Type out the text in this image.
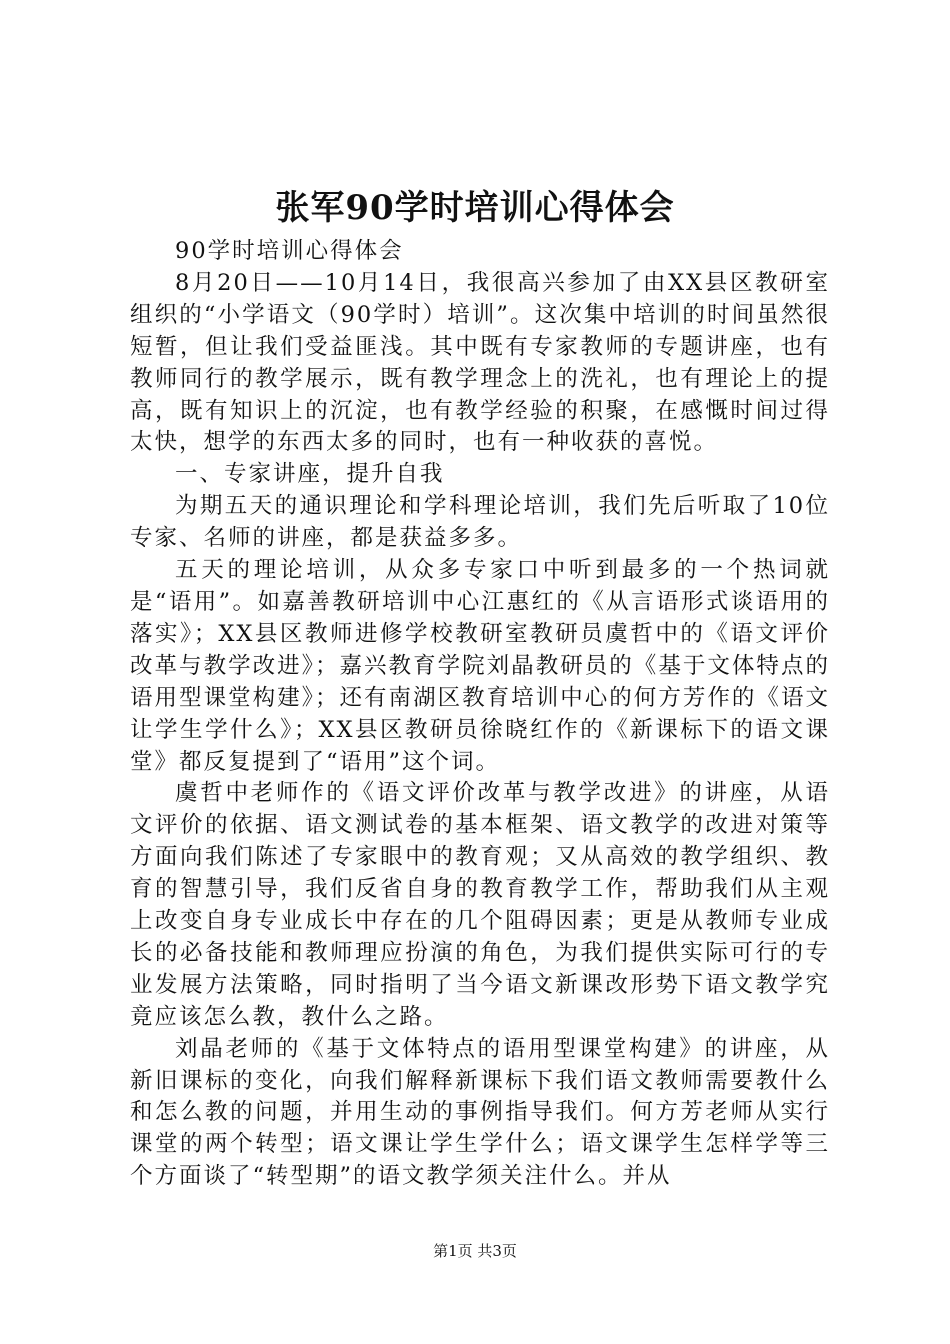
张军90学时培训心得体会

90学时培训心得体会

8月20日——10月14日，我很高兴参加了由XX县区教研室组织的“小学语文（90学时）培训”。这次集中培训的时间虽然很短暂，但让我们受益匪浅。其中既有专家教师的专题讲座，也有教师同行的教学展示，既有教学理念上的洗礼，也有理论上的提高，既有知识上的沉淀，也有教学经验的积聚，在感慨时间过得太快，想学的东西太多的同时，也有一种收获的喜悦。

一、专家讲座，提升自我

为期五天的通识理论和学科理论培训，我们先后听取了10位专家、名师的讲座，都是获益多多。

五天的理论培训，从众多专家口中听到最多的一个热词就是“语用”。如嘉善教研培训中心江惠红的《从言语形式谈语用的落实》；XX县区教师进修学校教研室教研员虞哲中的《语文评价改革与教学改进》；嘉兴教育学院刘晶教研员的《基于文体特点的语用型课堂构建》；还有南湖区教育培训中心的何方芳作的《语文让学生学什么》；XX县区教研员徐晓红作的《新课标下的语文课堂》都反复提到了“语用”这个词。

虞哲中老师作的《语文评价改革与教学改进》的讲座，从语文评价的依据、语文测试卷的基本框架、语文教学的改进对策等方面向我们陈述了专家眼中的教育观；又从高效的教学组织、教育的智慧引导，我们反省自身的教育教学工作，帮助我们从主观上改变自身专业成长中存在的几个阻碍因素；更是从教师专业成长的必备技能和教师理应扮演的角色，为我们提供实际可行的专业发展方法策略，同时指明了当今语文新课改形势下语文教学究竟应该怎么教，教什么之路。

刘晶老师的《基于文体特点的语用型课堂构建》的讲座，从新旧课标的变化，向我们解释新课标下我们语文教师需要教什么和怎么教的问题，并用生动的事例指导我们。何方芳老师从实行课堂的两个转型；语文课让学生学什么；语文课学生怎样学等三个方面谈了“转型期”的语文教学须关注什么。并从

第1页 共3页
